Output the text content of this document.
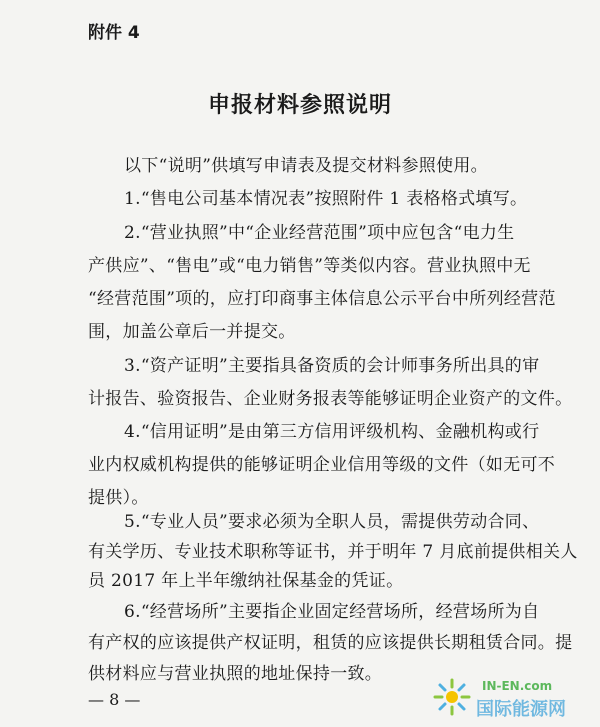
附件 4
申报材料参照说明
以下“说明”供填写申请表及提交材料参照使用。
1.“售电公司基本情况表”按照附件 1 表格格式填写。
2.“营业执照”中“企业经营范围”项中应包含“电力生
产供应”、“售电”或“电力销售”等类似内容。营业执照中无
“经营范围”项的，应打印商事主体信息公示平台中所列经营范
围，加盖公章后一并提交。
3.“资产证明”主要指具备资质的会计师事务所出具的审
计报告、验资报告、企业财务报表等能够证明企业资产的文件。
4.“信用证明”是由第三方信用评级机构、金融机构或行
业内权威机构提供的能够证明企业信用等级的文件（如无可不
提供）。
5.“专业人员”要求必须为全职人员，需提供劳动合同、
有关学历、专业技术职称等证书，并于明年 7 月底前提供相关人
员 2017 年上半年缴纳社保基金的凭证。
6.“经营场所”主要指企业固定经营场所，经营场所为自
有产权的应该提供产权证明，租赁的应该提供长期租赁合同。提
— 8 —
IN-EN.com
国际能源网
供材料应与营业执照的地址保持一致。
